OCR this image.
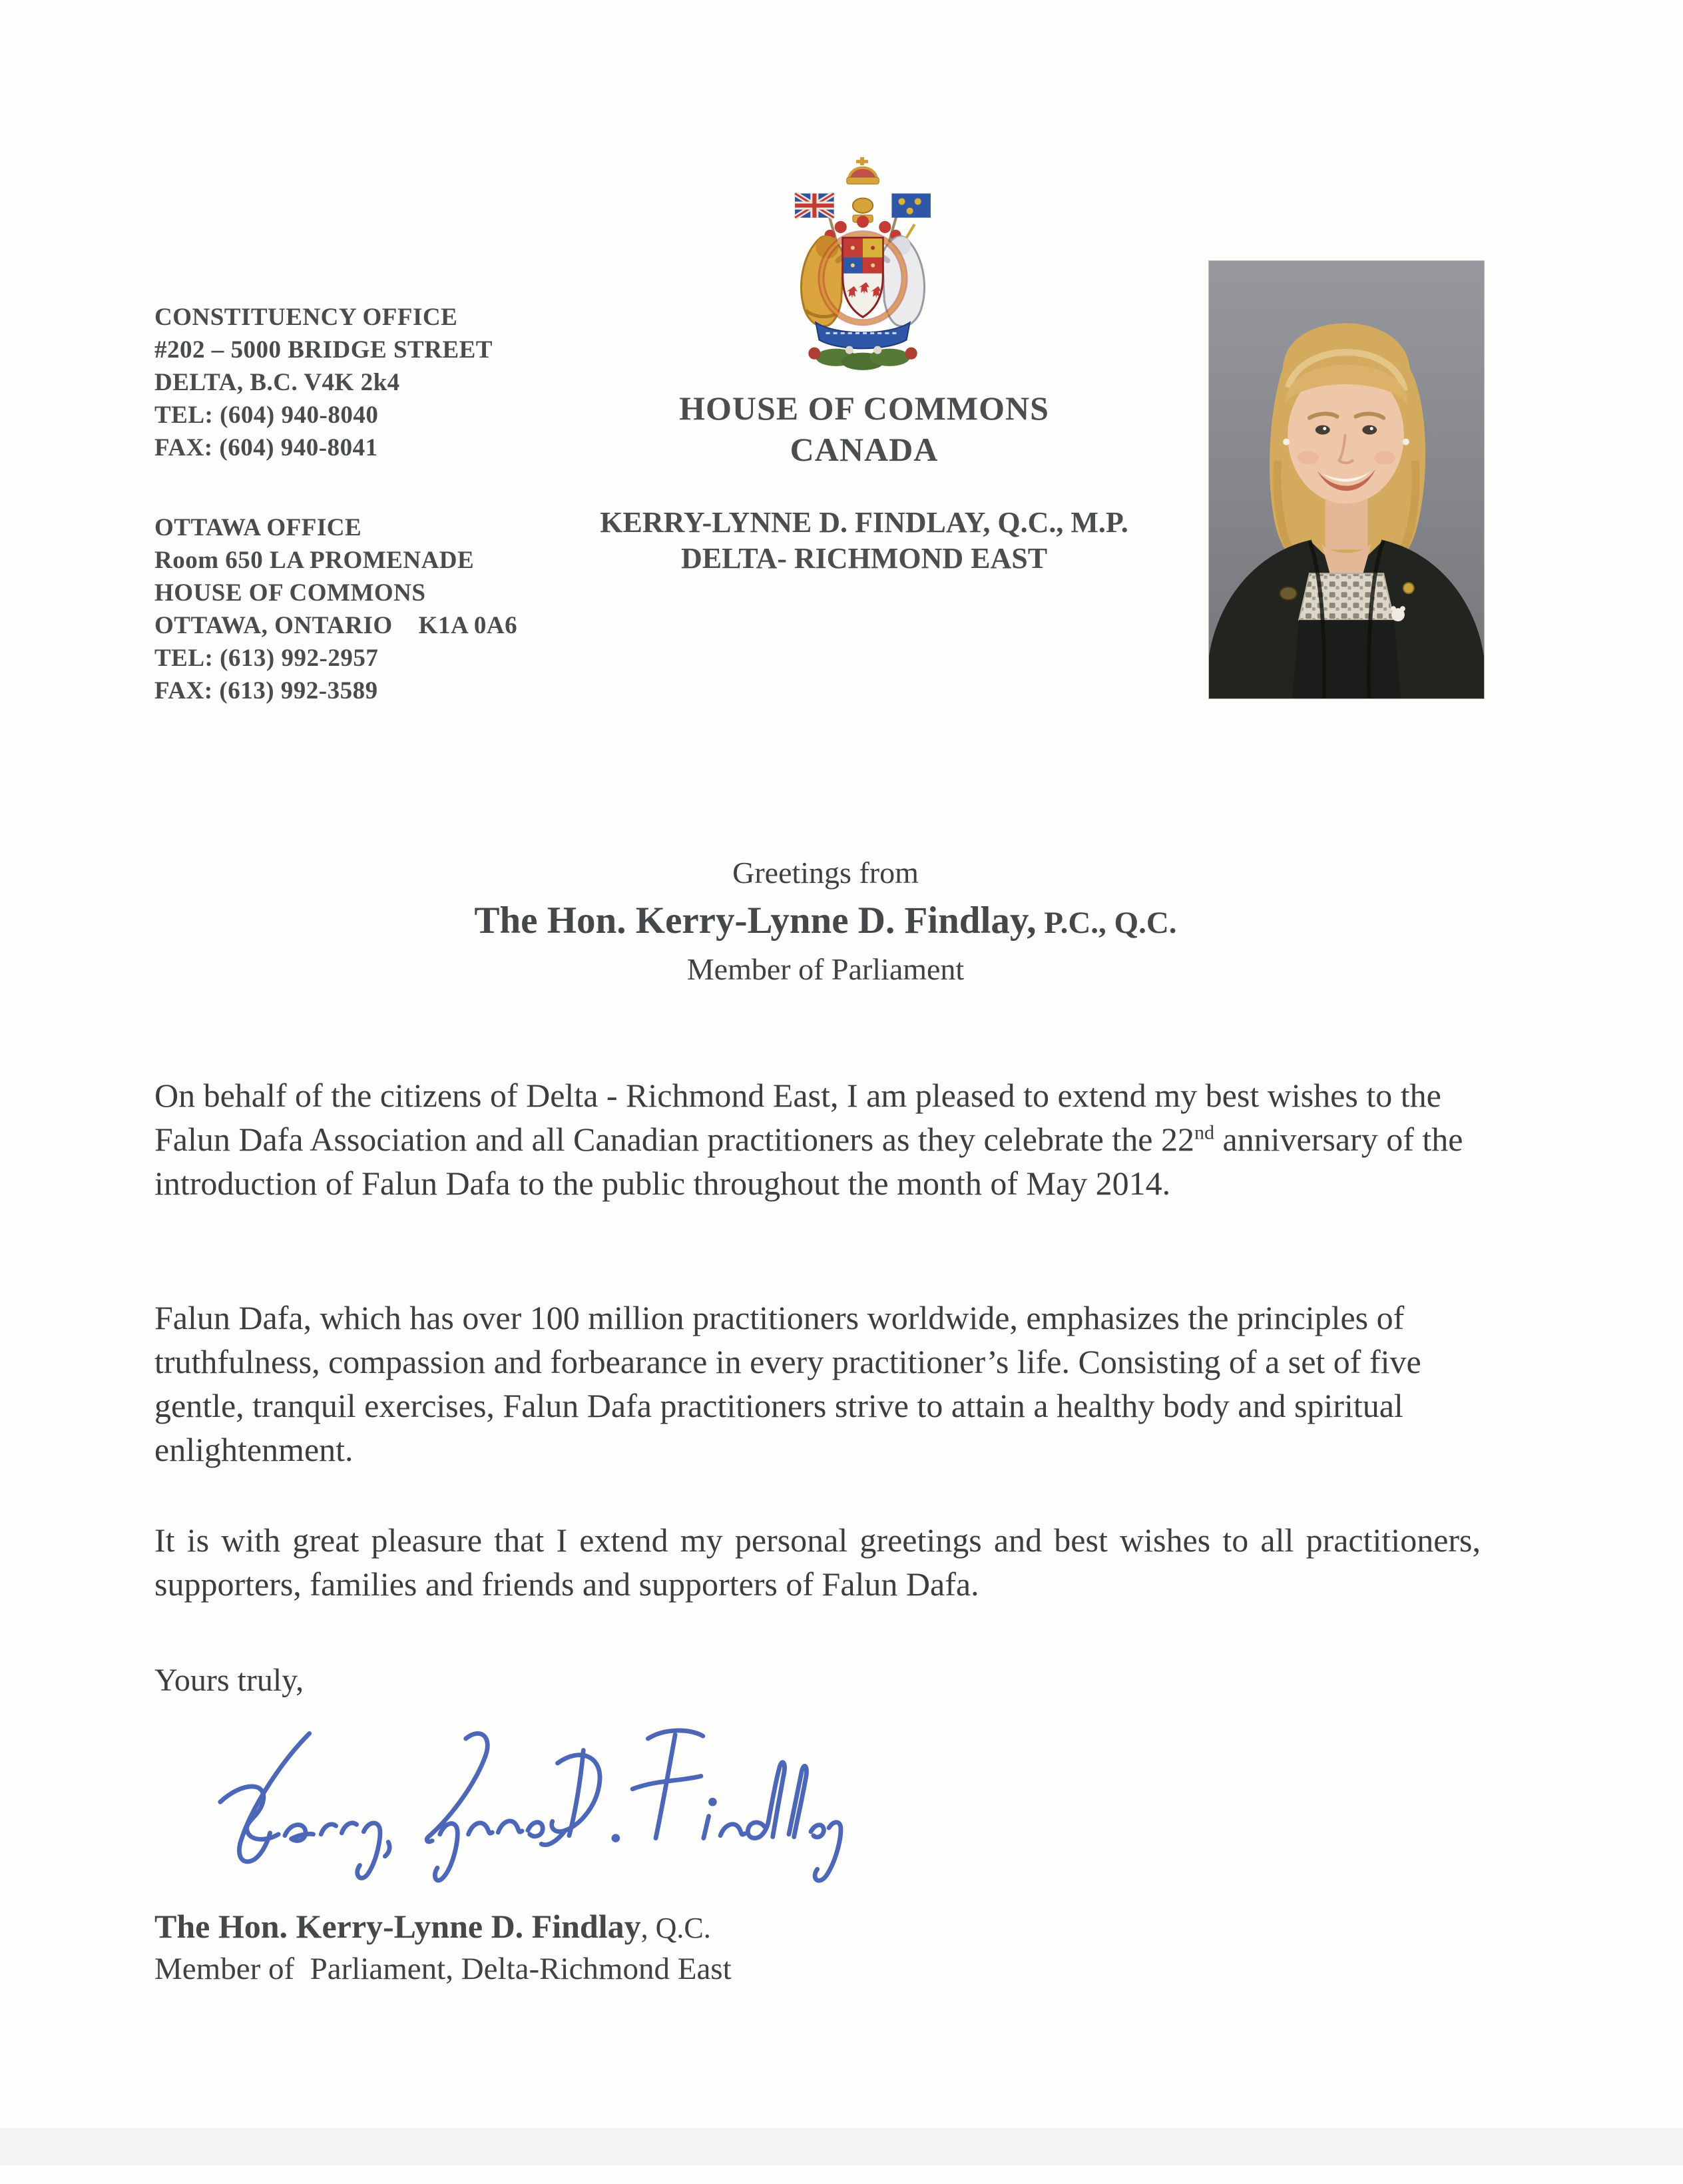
CONSTITUENCY OFFICE
#202 – 5000 BRIDGE STREET
DELTA, B.C. V4K 2k4
TEL: (604) 940-8040
FAX: (604) 940-8041
OTTAWA OFFICE
Room 650 LA PROMENADE
HOUSE OF COMMONS
OTTAWA, ONTARIO    K1A 0A6
TEL: (613) 992-2957
FAX: (613) 992-3589
HOUSE OF COMMONS
CANADA
KERRY-LYNNE D. FINDLAY, Q.C., M.P.
DELTA- RICHMOND EAST
Greetings from
The Hon. Kerry-Lynne D. Findlay, P.C., Q.C.
Member of Parliament
On behalf of the citizens of Delta - Richmond East, I am pleased to extend my best wishes to the Falun Dafa Association and all Canadian practitioners as they celebrate the 22nd anniversary of the introduction of Falun Dafa to the public throughout the month of May 2014.
Falun Dafa, which has over 100 million practitioners worldwide, emphasizes the principles of truthfulness, compassion and forbearance in every practitioner’s life. Consisting of a set of five gentle, tranquil exercises, Falun Dafa practitioners strive to attain a healthy body and spiritual enlightenment.
It is with great pleasure that I extend my personal greetings and best wishes to all practitioners, supporters, families and friends and supporters of Falun Dafa.
Yours truly,
The Hon. Kerry-Lynne D. Findlay, Q.C.
Member of  Parliament, Delta-Richmond East
